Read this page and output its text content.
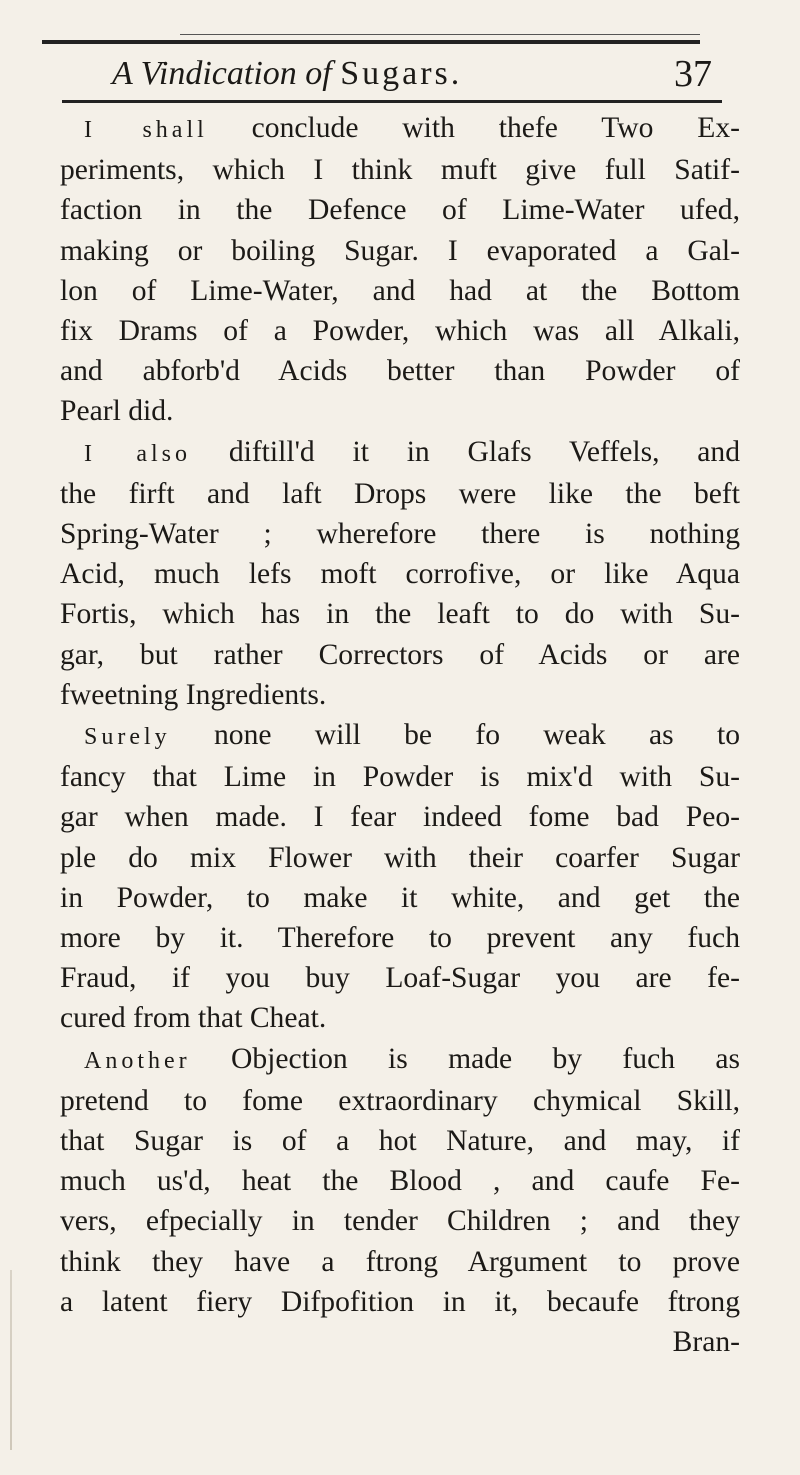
A Vindication of Sugars.	37
I shall conclude with thefe Two Ex-
periments, which I think muft give full Satif-
faction in the Defence of Lime-Water ufed,
making or boiling Sugar. I evaporated a Gal-
lon of Lime-Water, and had at the Bottom
fix Drams of a Powder, which was all Alkali,
and abforb'd Acids better than Powder of
Pearl did.
I also diftill'd it in Glafs Veffels, and
the firft and laft Drops were like the beft
Spring-Water ; wherefore there is nothing
Acid, much lefs moft corrofive, or like Aqua
Fortis, which has in the leaft to do with Su-
gar, but rather Correctors of Acids or are
fweetning Ingredients.
Surely none will be fo weak as to
fancy that Lime in Powder is mix'd with Su-
gar when made. I fear indeed fome bad Peo-
ple do mix Flower with their coarfer Sugar
in Powder, to make it white, and get the
more by it. Therefore to prevent any fuch
Fraud, if you buy Loaf-Sugar you are fe-
cured from that Cheat.
Another Objection is made by fuch as
pretend to fome extraordinary chymical Skill,
that Sugar is of a hot Nature, and may, if
much us'd, heat the Blood , and caufe Fe-
vers, efpecially in tender Children ; and they
think they have a ftrong Argument to prove
a latent fiery Difpofition in it, becaufe ftrong
Bran-
